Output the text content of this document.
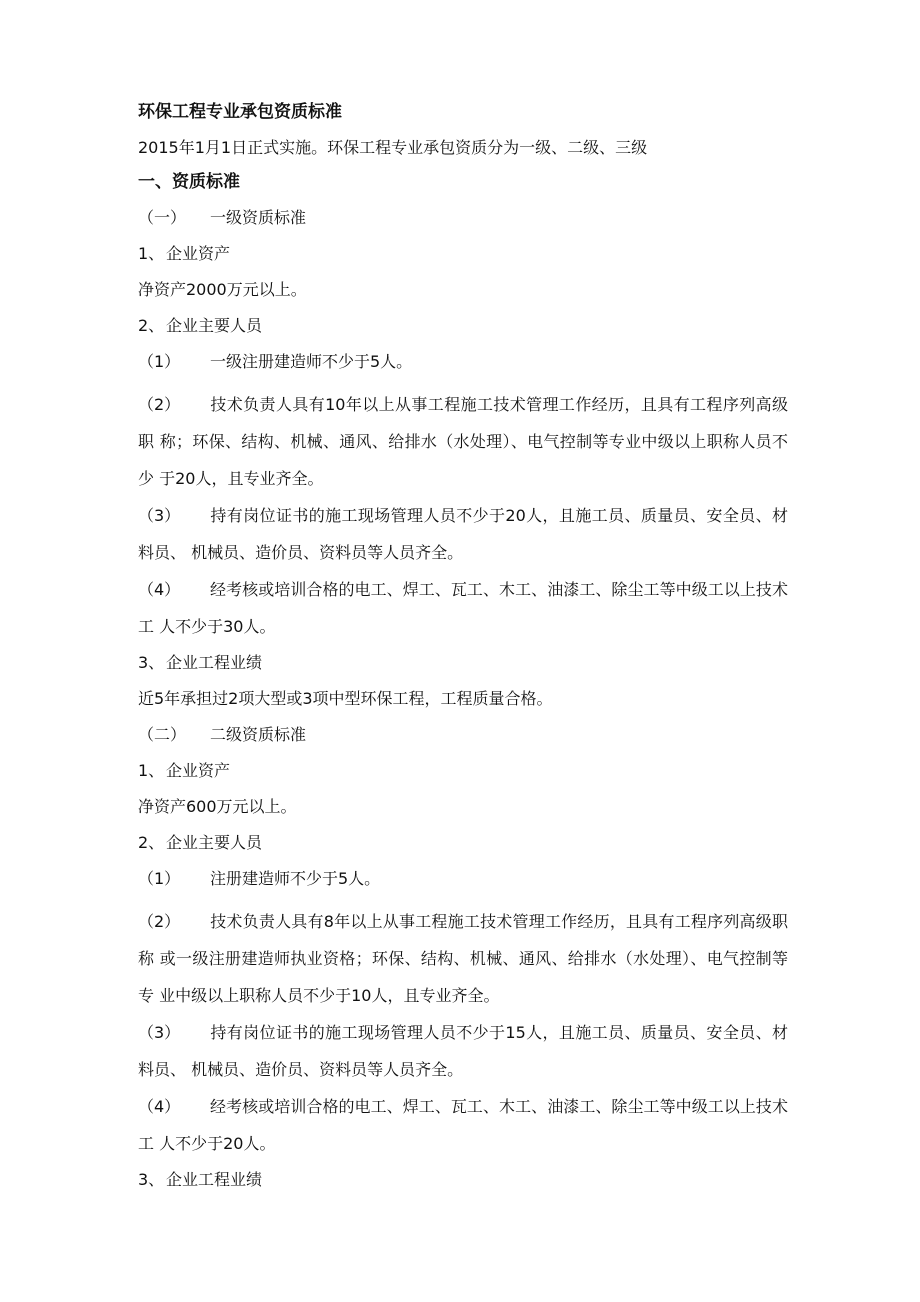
环保工程专业承包资质标准

2015年1月1日正式实施。环保工程专业承包资质分为一级、二级、三级

一、资质标准

（一）	一级资质标准
1、 企业资产

净资产2000万元以上。

2、 企业主要人员
（1）	一级注册建造师不少于5人。

（2） 技术负责人具有10年以上从事工程施工技术管理工作经历，且具有工程序列高级职 称；环保、结构、机械、通风、给排水（水处理）、电气控制等专业中级以上职称人员不少 于20人，且专业齐全。

（3） 持有岗位证书的施工现场管理人员不少于20人，且施工员、质量员、安全员、材料员、 机械员、造价员、资料员等人员齐全。

（4） 经考核或培训合格的电工、焊工、瓦工、木工、油漆工、除尘工等中级工以上技术工 人不少于30人。

3、 企业工程业绩

近5年承担过2项大型或3项中型环保工程，工程质量合格。

（二）	二级资质标准
1、 企业资产

净资产600万元以上。

2、 企业主要人员
（1）	注册建造师不少于5人。

（2） 技术负责人具有8年以上从事工程施工技术管理工作经历，且具有工程序列高级职称 或一级注册建造师执业资格；环保、结构、机械、通风、给排水（水处理）、电气控制等专 业中级以上职称人员不少于10人，且专业齐全。

（3） 持有岗位证书的施工现场管理人员不少于15人，且施工员、质量员、安全员、材料员、 机械员、造价员、资料员等人员齐全。

（4） 经考核或培训合格的电工、焊工、瓦工、木工、油漆工、除尘工等中级工以上技术工 人不少于20人。

3、 企业工程业绩
